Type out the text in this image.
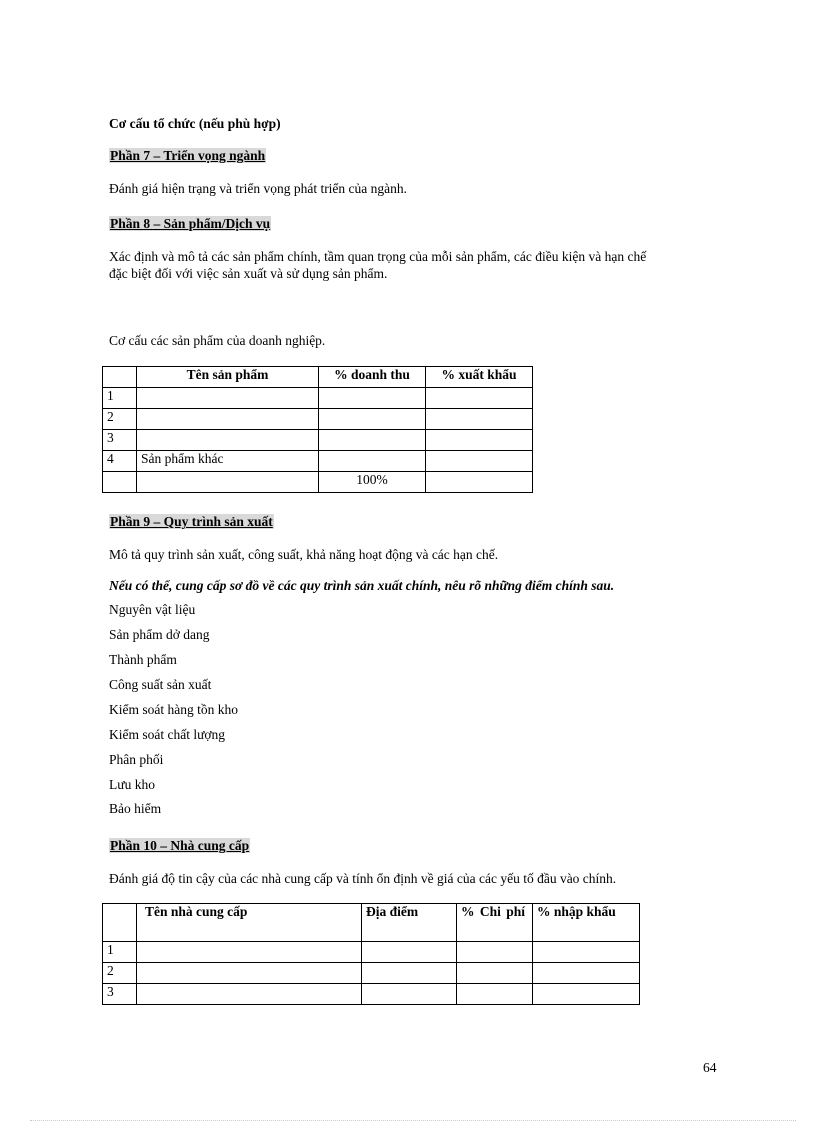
Cơ cấu tổ chức (nếu phù hợp)
Phần 7 – Triển vọng ngành
Đánh giá hiện trạng và triển vọng phát triển của ngành.
Phần 8 – Sản phẩm/Dịch vụ
Xác định và mô tả các sản phẩm chính, tầm quan trọng của mỗi sản phẩm, các điều kiện và hạn chế
đặc biệt đối với việc sản xuất và sử dụng sản phẩm.
Cơ cấu các sản phẩm của doanh nghiệp.
	Tên sản phẩm	% doanh thu	% xuất khẩu
1			
2			
3			
4	Sản phẩm khác		
		100%	
Phần 9 – Quy trình sản xuất
Mô tả quy trình sản xuất, công suất, khả năng hoạt động và các hạn chế.
Nếu có thể, cung cấp sơ đồ về các quy trình sản xuất chính, nêu rõ những điểm chính sau.
Nguyên vật liệu
Sản phẩm dở dang
Thành phẩm
Công suất sản xuất
Kiểm soát hàng tồn kho
Kiểm soát chất lượng
Phân phối
Lưu kho
Bảo hiểm
Phần 10 – Nhà cung cấp
Đánh giá độ tin cậy của các nhà cung cấp và tính ổn định về giá của các yếu tố đầu vào chính.
	Tên nhà cung cấp	Địa điểm	% Chi phí	% nhập khẩu
1				
2				
3				
64
